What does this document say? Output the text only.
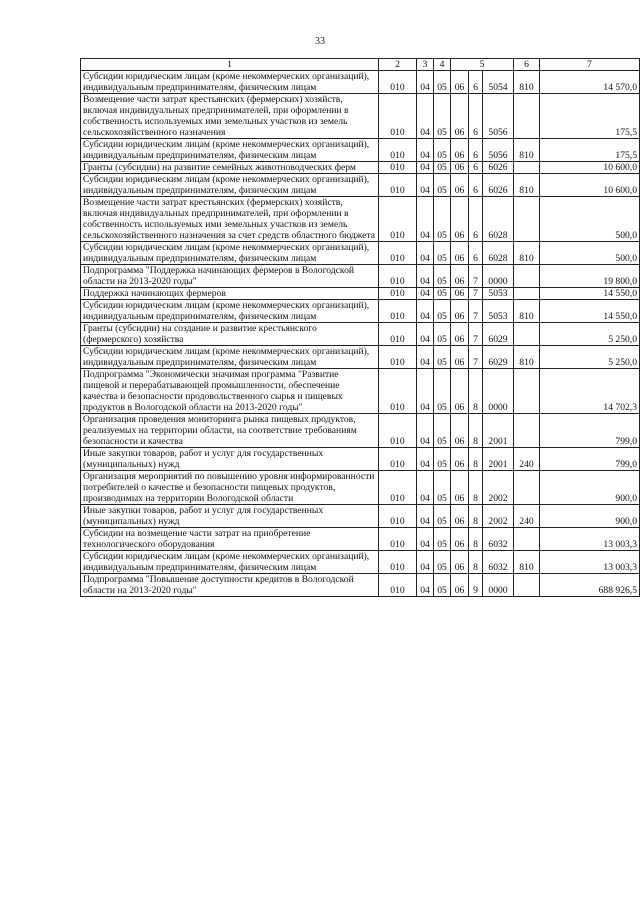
33
1	2	3	4	5			6	7
Субсидии юридическим лицам (кроме некоммерческих организаций), индивидуальным предпринимателям, физическим лицам	010	04	05	06	6	5054	810	14 570,0
Возмещение части затрат крестьянских (фермерских) хозяйств, включая индивидуальных предпринимателей, при оформлении в собственность используемых ими земельных участков из земель сельскохозяйственного назначения	010	04	05	06	6	5056		175,5
Субсидии юридическим лицам (кроме некоммерческих организаций), индивидуальным предпринимателям, физическим лицам	010	04	05	06	6	5056	810	175,5
Гранты (субсидии) на развитие семейных животноводческих ферм	010	04	05	06	6	6026		10 600,0
Субсидии юридическим лицам (кроме некоммерческих организаций), индивидуальным предпринимателям, физическим лицам	010	04	05	06	6	6026	810	10 600,0
Возмещение части затрат крестьянских (фермерских) хозяйств, включая индивидуальных предпринимателей, при оформлении в собственность используемых ими земельных участков из земель сельскохозяйственного назначения за счет средств областного бюджета	010	04	05	06	6	6028		500,0
Субсидии юридическим лицам (кроме некоммерческих организаций), индивидуальным предпринимателям, физическим лицам	010	04	05	06	6	6028	810	500,0
Подпрограмма "Поддержка начинающих фермеров в Вологодской области на 2013-2020 годы"	010	04	05	06	7	0000		19 800,0
Поддержка начинающих фермеров	010	04	05	06	7	5053		14 550,0
Субсидии юридическим лицам (кроме некоммерческих организаций), индивидуальным предпринимателям, физическим лицам	010	04	05	06	7	5053	810	14 550,0
Гранты (субсидии) на создание и развитие крестьянского (фермерского) хозяйства	010	04	05	06	7	6029		5 250,0
Субсидии юридическим лицам (кроме некоммерческих организаций), индивидуальным предпринимателям, физическим лицам	010	04	05	06	7	6029	810	5 250,0
Подпрограмма "Экономически значимая программа "Развитие пищевой и перерабатывающей промышленности, обеспечение качества и безопасности продовольственного сырья и пищевых продуктов в Вологодской области на 2013-2020 годы"	010	04	05	06	8	0000		14 702,3
Организация проведения мониторинга рынка пищевых продуктов, реализуемых на территории области, на соответствие требованиям безопасности и качества	010	04	05	06	8	2001		799,0
Иные закупки товаров, работ и услуг для государственных (муниципальных) нужд	010	04	05	06	8	2001	240	799,0
Организация мероприятий по повышению уровня информированности потребителей о качестве и безопасности пищевых продуктов, производимых на территории Вологодской области	010	04	05	06	8	2002		900,0
Иные закупки товаров, работ и услуг для государственных (муниципальных) нужд	010	04	05	06	8	2002	240	900,0
Субсидии на возмещение части затрат на приобретение технологического оборудования	010	04	05	06	8	6032		13 003,3
Субсидии юридическим лицам (кроме некоммерческих организаций), индивидуальным предпринимателям, физическим лицам	010	04	05	06	8	6032	810	13 003,3
Подпрограмма "Повышение доступности кредитов в Вологодской области на 2013-2020 годы"	010	04	05	06	9	0000		688 926,5
